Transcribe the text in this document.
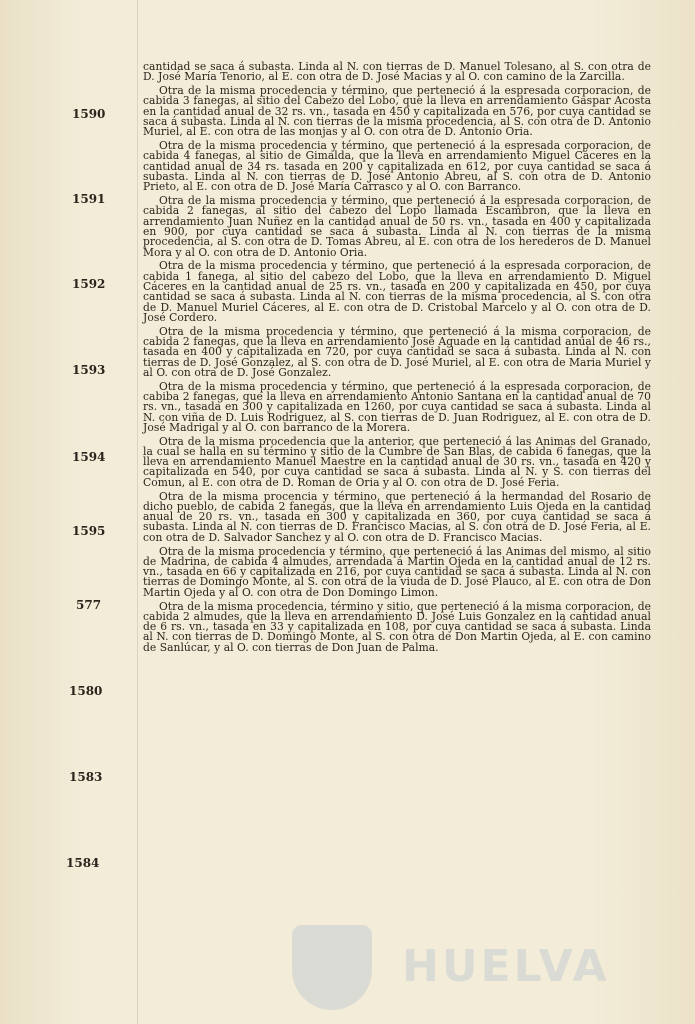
1590
1591
1592
1593
1594
1595
577
1580
1583
1584

cantidad se saca á subasta. Linda al N. con tierras de D. Manuel Tolesano, al S. con otra de D. José María Tenorio, al E. con otra de D. José Macias y al O. con camino de la Zarcilla.

Otra de la misma procedencia y término, que perteneció á la espresada corporacion, de cabida 3 fanegas, al sitio del Cabezo del Lobo, que la lleva en arrendamiento Gaspar Acosta en la cantidad anual de 32 rs. vn., tasada en 450 y capitalizada en 576, por cuya cantidad se saca á subasta. Linda al N. con tierras de la misma procedencia, al S. con otra de D. Antonio Muriel, al E. con otra de las monjas y al O. con otra de D. Antonio Oria.

Otra de la misma procedencia y término, que perteneció á la espresada corporacion, de cabida 4 fanegas, al sitio de Gimalda, que la lleva en arrendamiento Miguel Cáceres en la cantidad anual de 34 rs. tasada en 200 y capitalizada en 612, por cuya cantidad se saca á subasta. Linda al N. con tierras de D. José Antonio Abreu, al S. con otra de D. Antonio Prieto, al E. con otra de D. José María Carrasco y al O. con Barranco.

Otra de la misma procedencia y término, que perteneció á la espresada corporacion, de cabida 2 fanegas, al sitio del cabezo del Lopo llamada Escambron, que la lleva en arrendamiento Juan Nuñez en la cantidad anual de 50 rs. vn., tasada en 400 y capitalizada en 900, por cuya cantidad se saca á subasta. Linda al N. con tierras de la misma procedencia, al S. con otra de D. Tomas Abreu, al E. con otra de los herederos de D. Manuel Mora y al O. con otra de D. Antonio Oria.

Otra de la misma procedencia y término, que perteneció á la espresada corporacion, de cabida 1 fanega, al sitio del cabezo del Lobo, que la lleva en arrendamiento D. Miguel Cáceres en la cantidad anual de 25 rs. vn., tasada en 200 y capitalizada en 450, por cuya cantidad se saca á subasta. Linda al N. con tierras de la misma procedencia, al S. con otra de D. Manuel Muriel Cáceres, al E. con otra de D. Cristobal Marcelo y al O. con otra de D. José Cordero.

Otra de la misma procedencia y término, que perteneció á la misma corporacion, de cabida 2 fanegas, que la lleva en arrendamiento José Aguade en la cantidad anual de 46 rs., tasada en 400 y capitalizada en 720, por cuya cantidad se saca á subasta. Linda al N. con tierras de D. José Gonzalez, al S. con otra de D. José Muriel, al E. con otra de Maria Muriel y al O. con otra de D. José Gonzalez.

Otra de la misma procedencia y término, que perteneció á la espresada corporacion, de cabiba 2 fanegas, que la lleva en arrendamiento Antonio Santana en la cantidad anual de 70 rs. vn., tasada en 300 y capitalizada en 1260, por cuya cantidad se saca á subasta. Linda al N. con viña de D. Luis Rodriguez, al S. con tierras de D. Juan Rodriguez, al E. con otra de D. José Madrigal y al O. con barranco de la Morera.

Otra de la misma procedencia que la anterior, que perteneció á las Animas del Granado, la cual se halla en su término y sitio de la Cumbre de San Blas, de cabida 6 fanegas, que la lleva en arrendamiento Manuel Maestre en la cantidad anual de 30 rs. vn., tasada en 420 y capitalizada en 540, por cuya cantidad se saca á subasta. Linda al N. y S. con tierras del Comun, al E. con otra de D. Roman de Oria y al O. con otra de D. José Feria.

Otra de la misma procencia y término, que perteneció á la hermandad del Rosario de dicho pueblo, de cabida 2 fanegas, que la lleva en arrendamiento Luis Ojeda en la cantidad anual de 20 rs. vn., tasada en 300 y capitalizada en 360, por cuya cantidad se saca á subasta. Linda al N. con tierras de D. Francisco Macias, al S. con otra de D. José Feria, al E. con otra de D. Salvador Sanchez y al O. con otra de D. Francisco Macias.

Otra de la misma procedencia y término, que perteneció á las Animas del mismo, al sitio de Madrina, de cabida 4 almudes, arrendada á Martin Ojeda en la cantidad anual de 12 rs. vn., tasada en 66 y capitalizada en 216, por cuya cantidad se saca á subasta. Linda al N. con tierras de Domingo Monte, al S. con otra de la viuda de D. José Plauco, al E. con otra de Don Martin Ojeda y al O. con otra de Don Domingo Limon.

Otra de la misma procedencia, término y sitio, que perteneció á la misma corporacion, de cabida 2 almudes, que la lleva en arrendamiento D. José Luis Gonzalez en la cantidad anual de 6 rs. vn., tasada en 33 y capitalizada en 108, por cuya cantidad se saca á subasta. Linda al N. con tierras de D. Domingo Monte, al S. con otra de Don Martin Ojeda, al E. con camino de Sanlúcar, y al O. con tierras de Don Juan de Palma.

HUELVA
